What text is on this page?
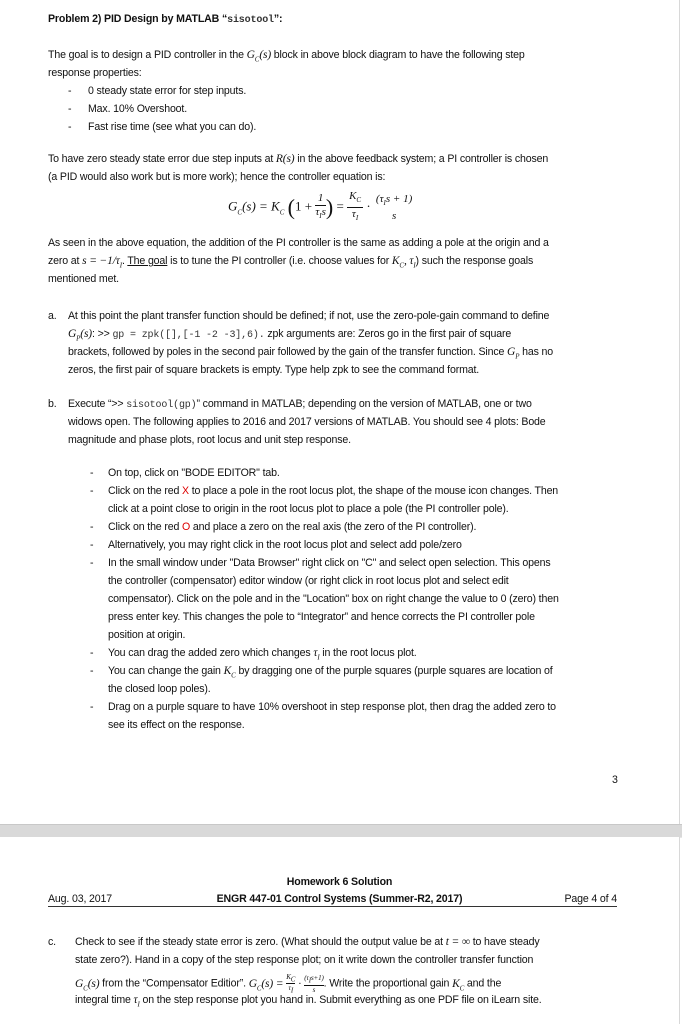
Problem 2) PID Design by MATLAB “sisotool”:
The goal is to design a PID controller in the $G_C(s)$ block in above block diagram to have the following step
response properties:
- 0 steady state error for step inputs.
- Max. 10% Overshoot.
- Fast rise time (see what you can do).
To have zero steady state error due step inputs at R(s) in the above feedback system; a PI controller is chosen
(a PID would also work but is more work); hence the controller equation is:
$G_C(s) = K_C$ ($1 + \frac{1}{\tau_Is}$ ) = $\frac{K_C}{\tau_I}$ ·
$(\tau_Is + 1)$
s
As seen in the above equation, the addition of the PI controller is the same as adding a pole at the origin and a
zero at $s = -1/\tau_I$. The goal is to tune the PI controller (i.e. choose values for $K_C$, $\tau_I$) such the response goals
mentioned met.
a. At this point the plant transfer function should be defined; if not, use the zero-pole-gain command to define
$G_P(s)$: >> gp = zpk([],[-1 -2 -3],6). zpk arguments are: Zeros go in the first pair of square
brackets, followed by poles in the second pair followed by the gain of the transfer function. Since $G_P$ has no
zeros, the first pair of square brackets is empty. Type help zpk to see the command format.
b. Execute “>> sisotool(gp)” command in MATLAB; depending on the version of MATLAB, one or two
widows open. The following applies to 2016 and 2017 versions of MATLAB. You should see 4 plots: Bode
magnitude and phase plots, root locus and unit step response.
- On top, click on "BODE EDITOR" tab.
- Click on the red X to place a pole in the root locus plot, the shape of the mouse icon changes. Then
click at a point close to origin in the root locus plot to place a pole (the PI controller pole).
- Click on the red O and place a zero on the real axis (the zero of the PI controller).
- Alternatively, you may right click in the root locus plot and select add pole/zero
- In the small window under "Data Browser" right click on "C" and select open selection. This opens
the controller (compensator) editor window (or right click in root locus plot and select edit
compensator). Click on the pole and in the "Location" box on right change the value to 0 (zero) then
press enter key. This changes the pole to “Integrator” and hence corrects the PI controller pole
position at origin.
- You can drag the added zero which changes $\tau_I$ in the root locus plot.
- You can change the gain $K_C$ by dragging one of the purple squares (purple squares are location of
the closed loop poles).
- Drag on a purple square to have 10% overshoot in step response plot, then drag the added zero to
see its effect on the response.
3
Homework 6 Solution
Aug. 03, 2017	ENGR 447-01 Control Systems (Summer-R2, 2017)	Page 4 of 4
c. Check to see if the steady state error is zero. (What should the output value be at t = ∞ to have steady
state zero?). Hand in a copy of the step response plot; on it write down the controller transfer function
$G_C(s)$ from the “Compensator Editior”. $G_C(s) = \frac{K_C}{\tau_I} \cdot (\tau_Is+1)$
s . Write the proportional gain $K_C$ and the
integral time $\tau_I$ on the step response plot you hand in. Submit everything as one PDF file on iLearn site.
